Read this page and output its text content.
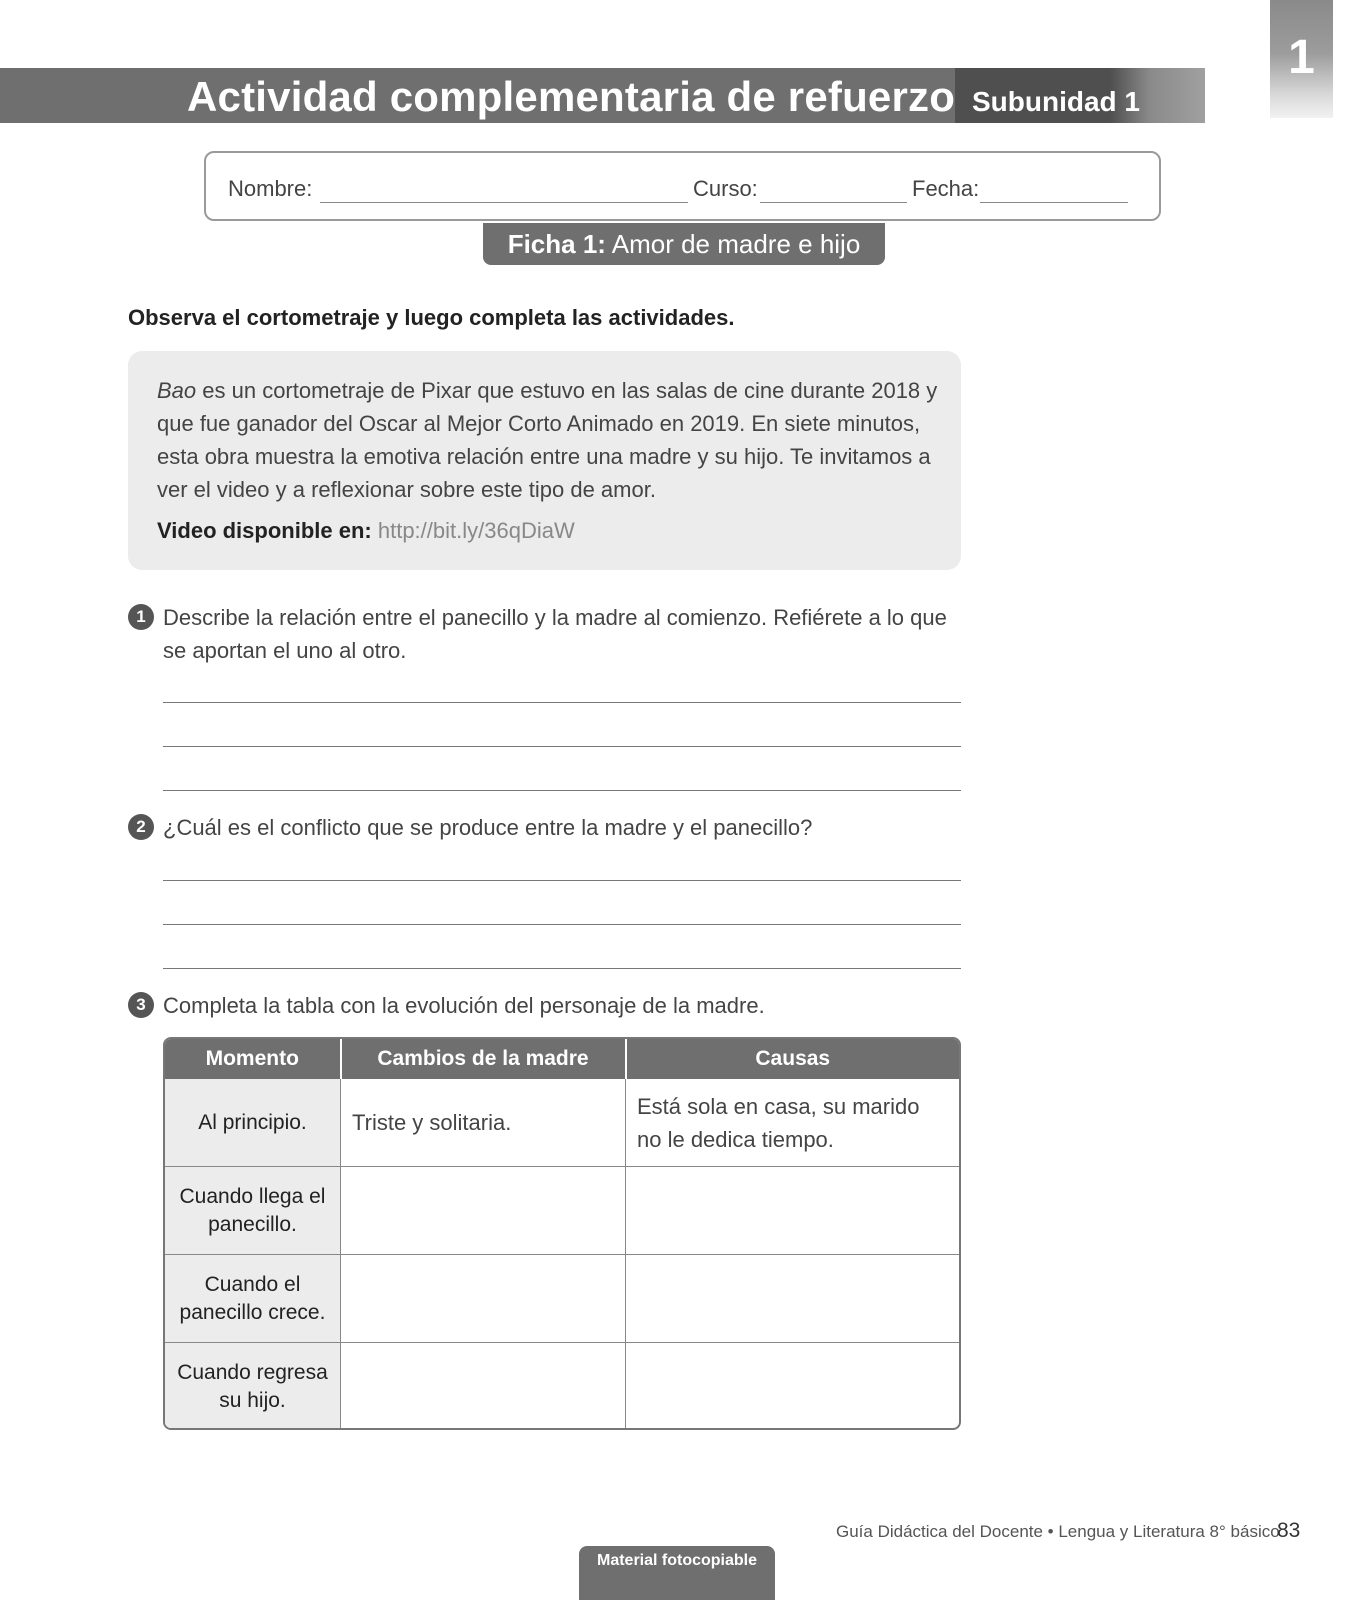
1
Actividad complementaria de refuerzo Subunidad 1
Nombre:	Curso:	Fecha:
Ficha 1: Amor de madre e hijo
Observa el cortometraje y luego completa las actividades.
Bao es un cortometraje de Pixar que estuvo en las salas de cine durante 2018 y que fue ganador del Oscar al Mejor Corto Animado en 2019. En siete minutos, esta obra muestra la emotiva relación entre una madre y su hijo. Te invitamos a ver el video y a reflexionar sobre este tipo de amor.
Video disponible en: http://bit.ly/36qDiaW
1 Describe la relación entre el panecillo y la madre al comienzo. Refiérete a lo que se aportan el uno al otro.
2 ¿Cuál es el conflicto que se produce entre la madre y el panecillo?
3 Completa la tabla con la evolución del personaje de la madre.
Momento	Cambios de la madre	Causas
Al principio.	Triste y solitaria.	Está sola en casa, su marido no le dedica tiempo.
Cuando llega el panecillo.		
Cuando el panecillo crece.		
Cuando regresa su hijo.		
Guía Didáctica del Docente • Lengua y Literatura 8° básico
83
Material fotocopiable
